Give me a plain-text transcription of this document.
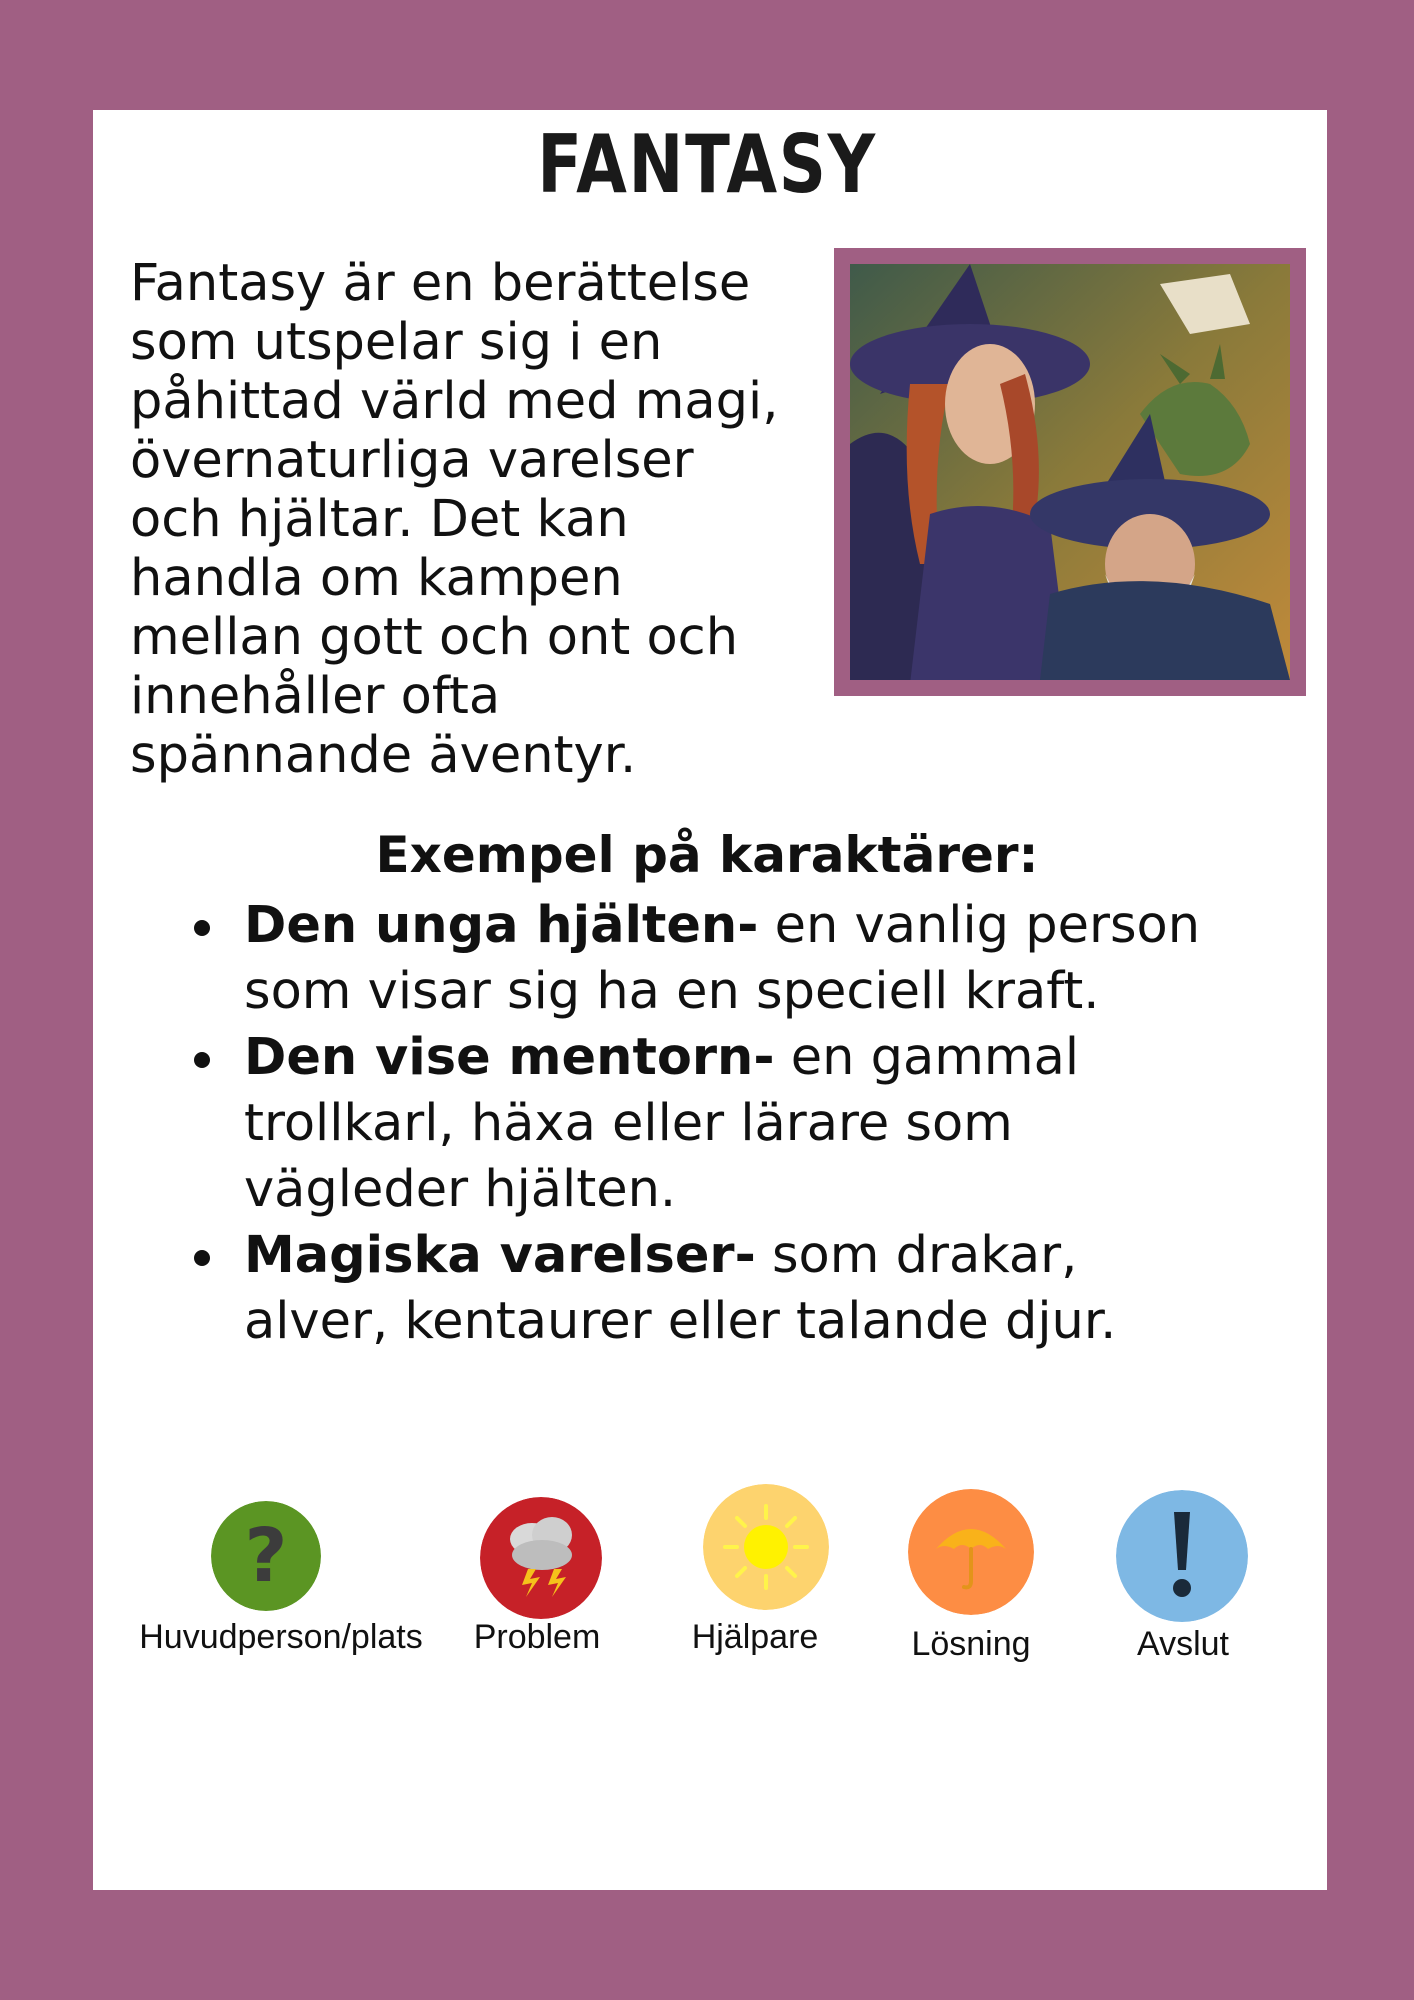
FANTASY
Fantasy är en berättelse
som utspelar sig i en
påhittad värld med magi,
övernaturliga varelser
och hjältar. Det kan
handla om kampen
mellan gott och ont och
innehåller ofta
spännande äventyr.
Exempel på karaktärer:
Den unga hjälten- en vanlig person
som visar sig ha en speciell kraft.
Den vise mentorn- en gammal
trollkarl, häxa eller lärare som
vägleder hjälten.
Magiska varelser- som drakar,
alver, kentaurer eller talande djur.
?
Huvudperson/plats	Problem	Hjälpare	Lösning	Avslut
